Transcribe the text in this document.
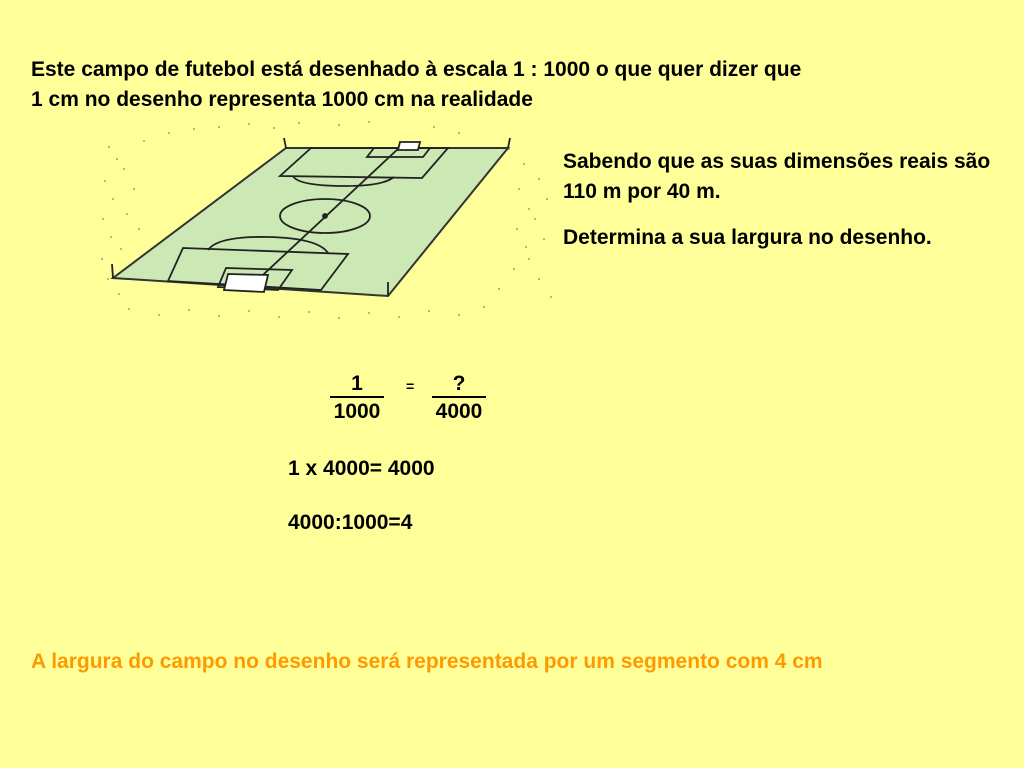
Este campo de futebol está desenhado à escala 1 : 1000 o que quer dizer que
1 cm no desenho representa 1000 cm na realidade

Sabendo que as suas dimensões reais são 110 m por 40 m.

Determina a sua largura no desenho.

$\frac{1}{1000}$ =	?
4000
1 x 4000= 4000
4000:1000=4
A largura do campo no desenho será representada por um segmento com 4 cm
